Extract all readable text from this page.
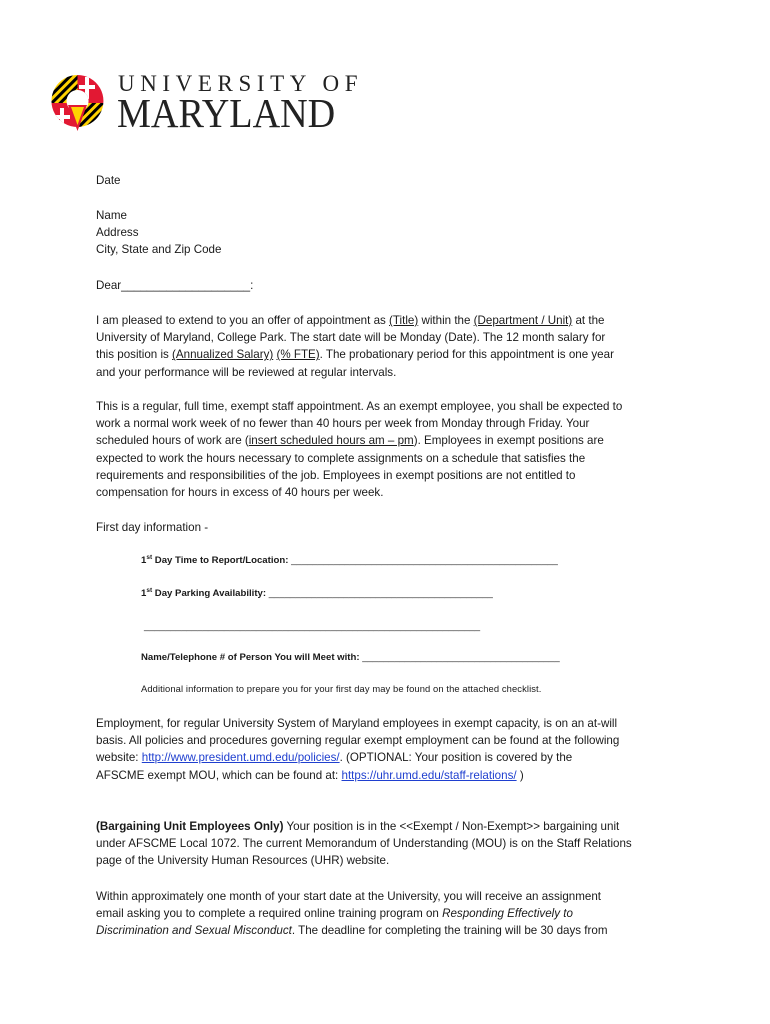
UNIVERSITY OF
MARYLAND
Date
Name
Address
City, State and Zip Code
Dear____________________:
I am pleased to extend to you an offer of appointment as (Title) within the (Department / Unit) at the
University of Maryland, College Park. The start date will be Monday (Date). The 12 month salary for
this position is (Annualized Salary) (% FTE). The probationary period for this appointment is one year
and your performance will be reviewed at regular intervals.
This is a regular, full time, exempt staff appointment. As an exempt employee, you shall be expected to
work a normal work week of no fewer than 40 hours per week from Monday through Friday. Your
scheduled hours of work are (insert scheduled hours am – pm). Employees in exempt positions are
expected to work the hours necessary to complete assignments on a schedule that satisfies the
requirements and responsibilities of the job. Employees in exempt positions are not entitled to
compensation for hours in excess of 40 hours per week.
First day information -
1st Day Time to Report/Location: __________________________________________________
1st Day Parking Availability: __________________________________________
_______________________________________________________________
Name/Telephone # of Person You will Meet with: _____________________________________
Additional information to prepare you for your first day may be found on the attached checklist.
Employment, for regular University System of Maryland employees in exempt capacity, is on an at-will
basis. All policies and procedures governing regular exempt employment can be found at the following
website: http://www.president.umd.edu/policies/. (OPTIONAL: Your position is covered by the
AFSCME exempt MOU, which can be found at: https://uhr.umd.edu/staff-relations/ )
(Bargaining Unit Employees Only) Your position is in the <<Exempt / Non-Exempt>> bargaining unit
under AFSCME Local 1072. The current Memorandum of Understanding (MOU) is on the Staff Relations
page of the University Human Resources (UHR) website.
Within approximately one month of your start date at the University, you will receive an assignment
email asking you to complete a required online training program on Responding Effectively to
Discrimination and Sexual Misconduct. The deadline for completing the training will be 30 days from
